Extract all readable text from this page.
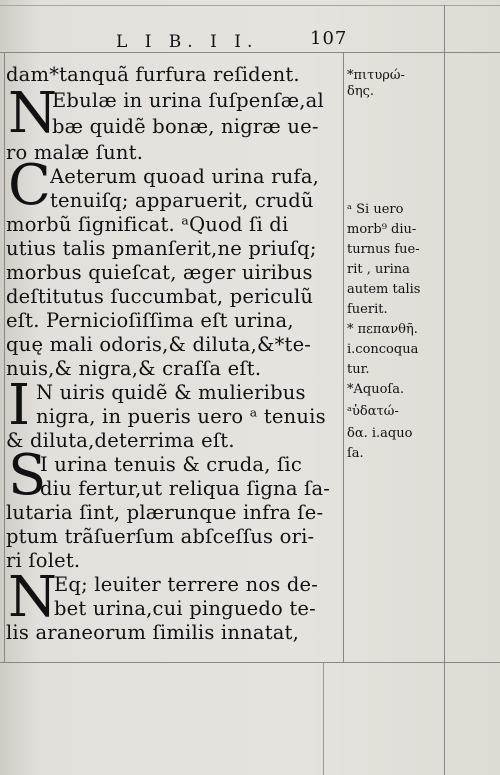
L I B. I I.	107
N
C
I
S
N
dam*tanquã furfura reſident.
Ebulæ in urina ſuſpenſæ,al
bæ quidẽ bonæ, nigræ ue-
ro malæ ſunt.
Aeterum quoad urina rufa,
tenuiſq; apparuerit, crudũ
morbũ ſignificat. ᵃQuod ſi di
utius talis pmanſerit,ne priuſq;
morbus quieſcat, æger uiribus
deſtitutus ſuccumbat, periculũ
eſt. Pernicioſiſſima eſt urina,
quę mali odoris,& diluta,&*te-
nuis,& nigra,& craſſa eſt.
N uiris quidẽ & mulieribus
nigra, in pueris uero ᵃ tenuis
& diluta,deterrima eſt.
I urina tenuis & cruda, ſic
diu fertur,ut reliqua ſigna ſa-
lutaria ſint, plærunque infra ſe-
ptum trãſuerſum abſceſſus ori-
ri ſolet.
Eq; leuiter terrere nos de-
bet urina,cui pinguedo te-
lis araneorum ſimilis innatat,
*πιτυρώ-
δης.
ᵃ Si uero
morb⁹ diu-
turnus fue-
rit , urina
autem talis
fuerit.
* πεπανθῆ.
i.concoqua
tur.
*Aquoſa.
ᵃὑδατώ-
δα. i.aquo
ſa.
